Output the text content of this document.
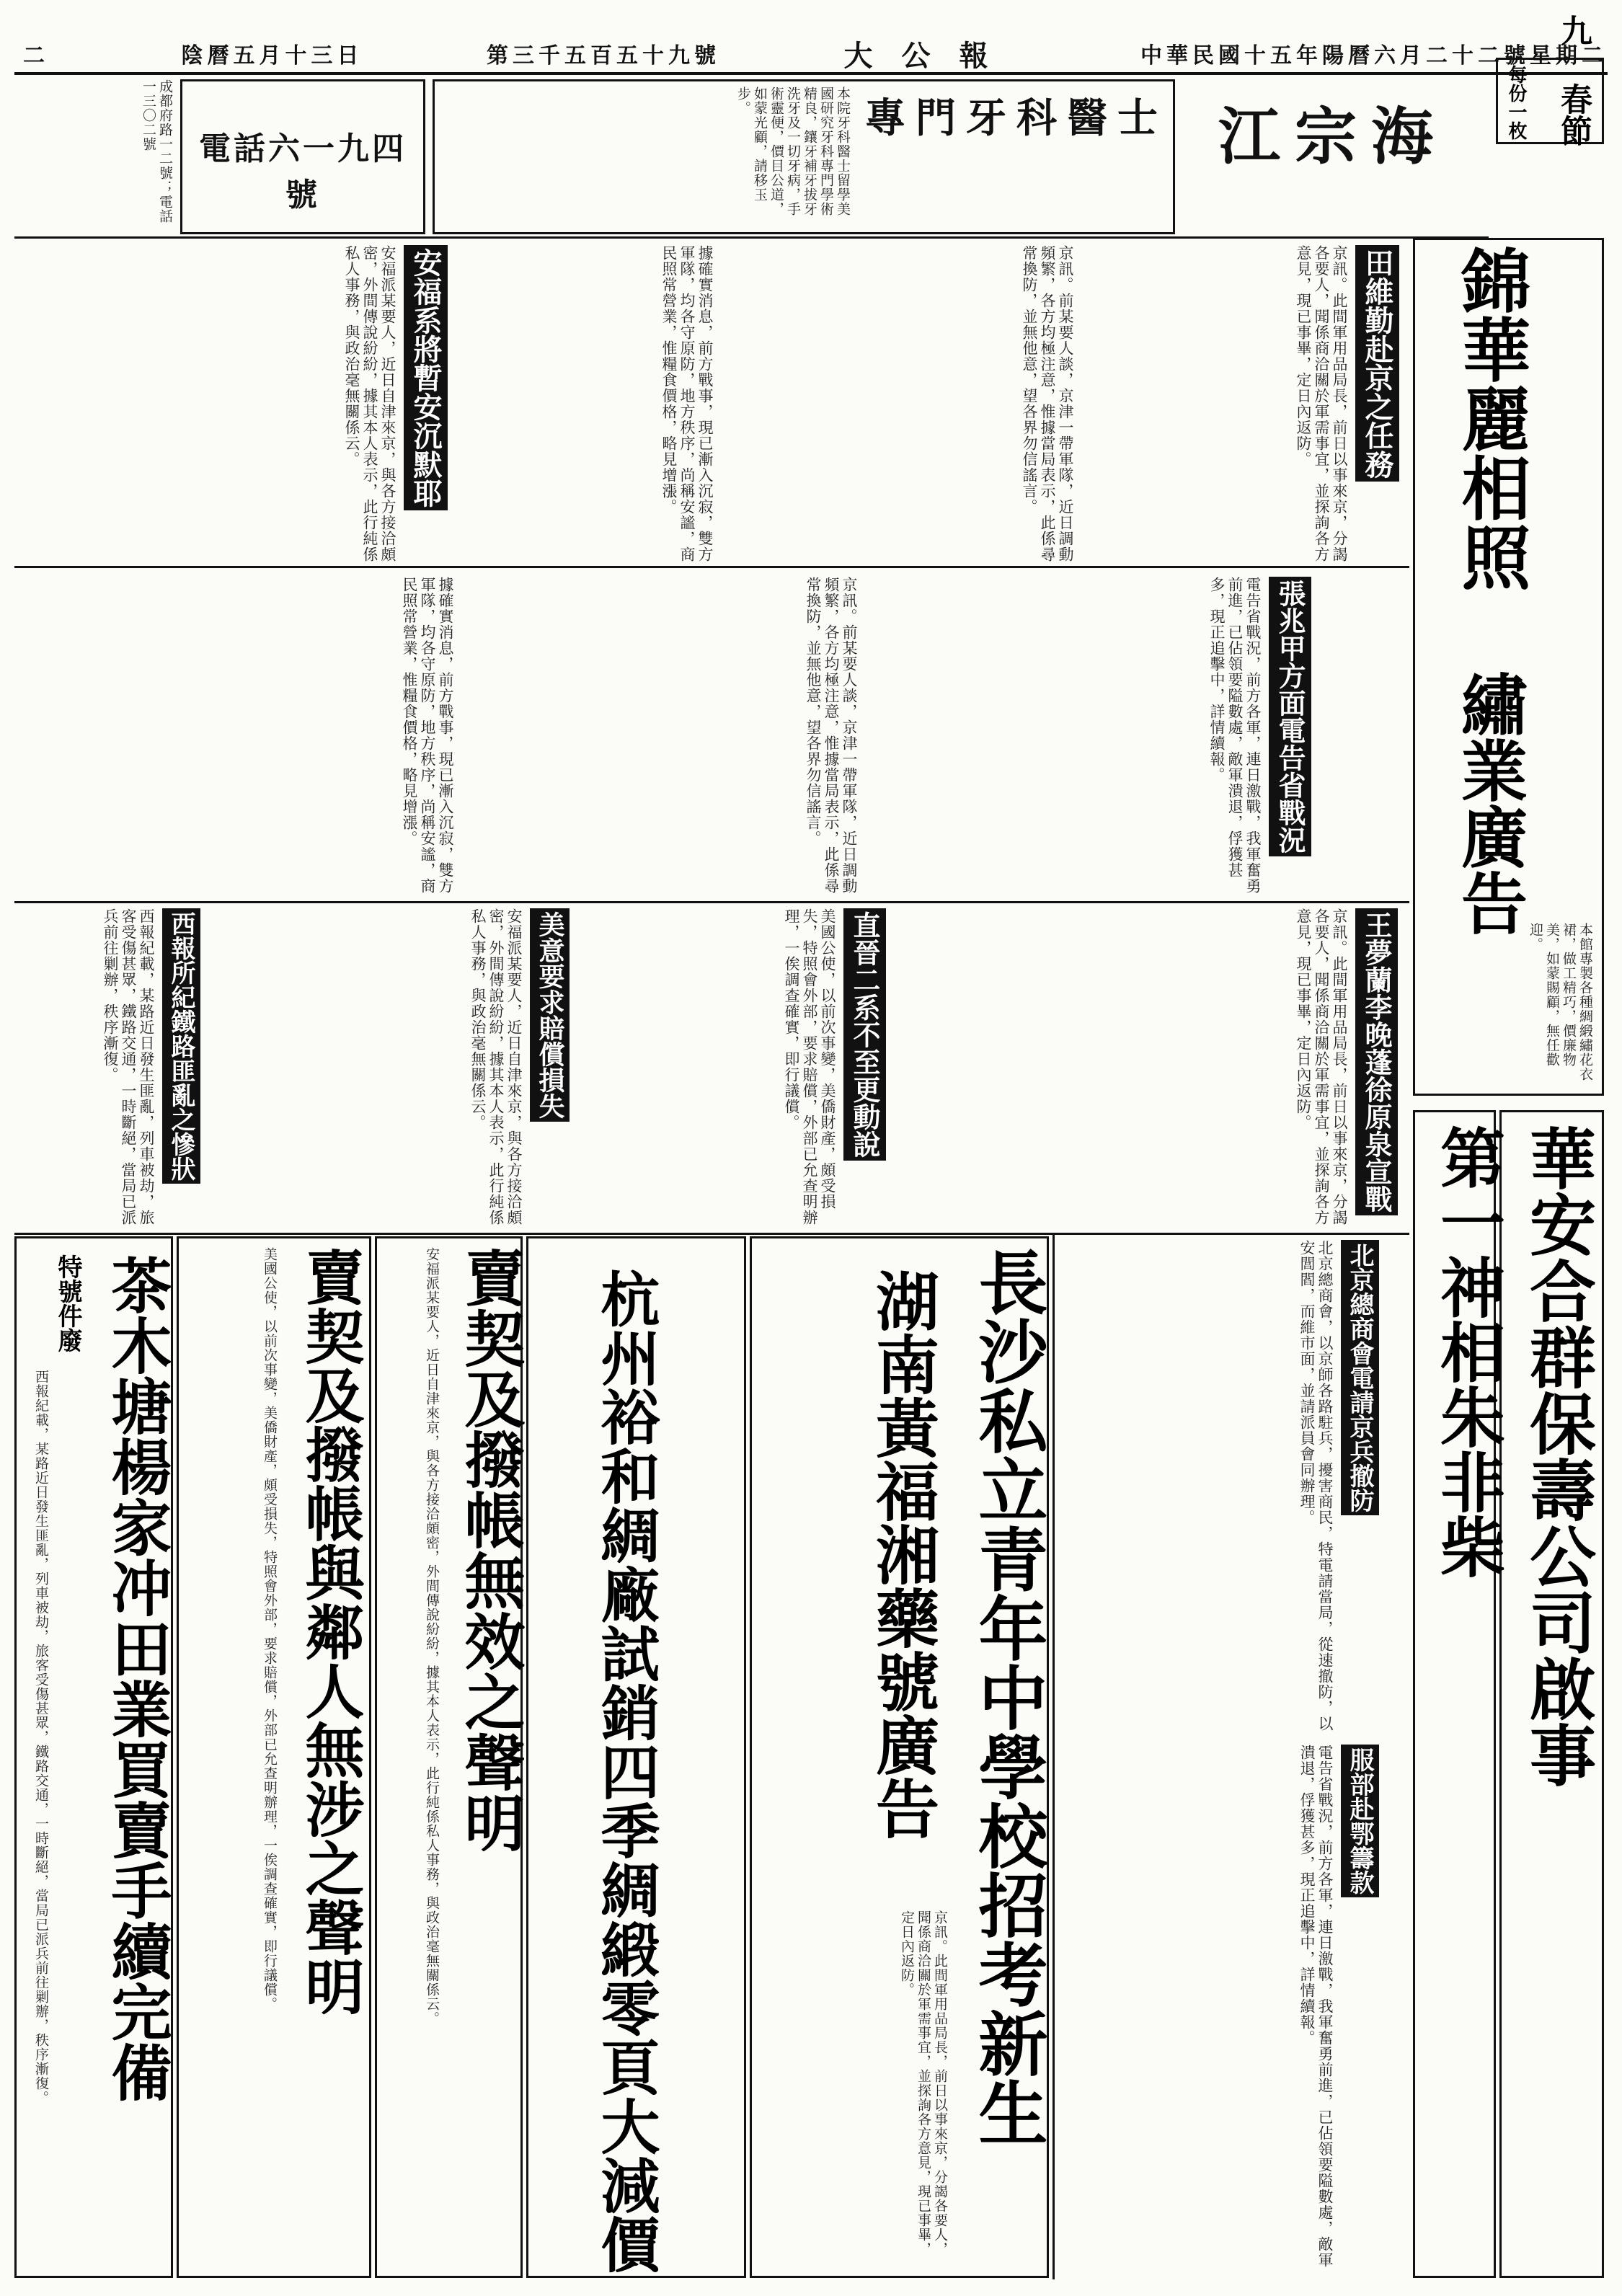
二	陰曆五月十三日	第三千五百五十九號	大公報	中華民國十五年陽曆六月二十二號星期二
九 春節
每份一枚
江宗海
專門牙科醫士
本院牙科醫士留學美國研究牙科專門學術精良，鑲牙補牙拔牙洗牙及一切牙病，手術靈便，價目公道，如蒙光顧，請移玉步。
電話六一九四號
成都府路一二號；電話一三〇二號
錦華麗相照
繡業廣告
本館專製各種綢緞繡花衣裙，做工精巧，價廉物美，如蒙賜顧，無任歡迎。
華安合群保壽公司啟事
第一神相朱非柴
田維勤赴京之任務
安福系將暫安沉默耶
張兆甲方面電告省戰況
王夢蘭李晚蓬徐原泉宣戰
直晉二系不至更動說
美意要求賠償損失
北京總商會電請京兵撤防
西報所紀鐵路匪亂之慘狀
服部赴鄂籌款
京訊。此間軍用品局長，前日以事來京，分謁各要人，聞係商洽關於軍需事宜，並探詢各方意見，現已事畢，定日內返防。
京訊。前某要人談，京津一帶軍隊，近日調動頻繁，各方均極注意，惟據當局表示，此係尋常換防，並無他意，望各界勿信謠言。
據確實消息，前方戰事，現已漸入沉寂，雙方軍隊，均各守原防，地方秩序，尚稱安謐，商民照常營業，惟糧食價格，略見增漲。
安福派某要人，近日自津來京，與各方接洽頗密，外間傳說紛紛，據其本人表示，此行純係私人事務，與政治毫無關係云。
電告省戰況，前方各軍，連日激戰，我軍奮勇前進，已佔領要隘數處，敵軍潰退，俘獲甚多，現正追擊中，詳情續報。
京訊。前某要人談，京津一帶軍隊，近日調動頻繁，各方均極注意，惟據當局表示，此係尋常換防，並無他意，望各界勿信謠言。
據確實消息，前方戰事，現已漸入沉寂，雙方軍隊，均各守原防，地方秩序，尚稱安謐，商民照常營業，惟糧食價格，略見增漲。
京訊。此間軍用品局長，前日以事來京，分謁各要人，聞係商洽關於軍需事宜，並探詢各方意見，現已事畢，定日內返防。
美國公使，以前次事變，美僑財產，頗受損失，特照會外部，要求賠償，外部已允查明辦理，一俟調查確實，即行議償。
安福派某要人，近日自津來京，與各方接洽頗密，外間傳說紛紛，據其本人表示，此行純係私人事務，與政治毫無關係云。
西報紀載，某路近日發生匪亂，列車被劫，旅客受傷甚眾，鐵路交通，一時斷絕，當局已派兵前往剿辦，秩序漸復。
北京總商會，以京師各路駐兵，擾害商民，特電請當局，從速撤防，以安閭閻，而維市面，並請派員會同辦理。
電告省戰況，前方各軍，連日激戰，我軍奮勇前進，已佔領要隘數處，敵軍潰退，俘獲甚多，現正追擊中，詳情續報。
長沙私立青年中學校招考新生
京訊。此間軍用品局長，前日以事來京，分謁各要人，聞係商洽關於軍需事宜，並探詢各方意見，現已事畢，定日內返防。
湖南黃福湘藥號廣告
杭州裕和綢廠試銷四季綢緞零頁大減價
賣契及撥帳無效之聲明
安福派某要人，近日自津來京，與各方接洽頗密，外間傳說紛紛，據其本人表示，此行純係私人事務，與政治毫無關係云。
賣契及撥帳與鄰人無涉之聲明
美國公使，以前次事變，美僑財產，頗受損失，特照會外部，要求賠償，外部已允查明辦理，一俟調查確實，即行議償。
茶木塘楊家冲田業買賣手續完備
特號件廢
西報紀載，某路近日發生匪亂，列車被劫，旅客受傷甚眾，鐵路交通，一時斷絕，當局已派兵前往剿辦，秩序漸復。
